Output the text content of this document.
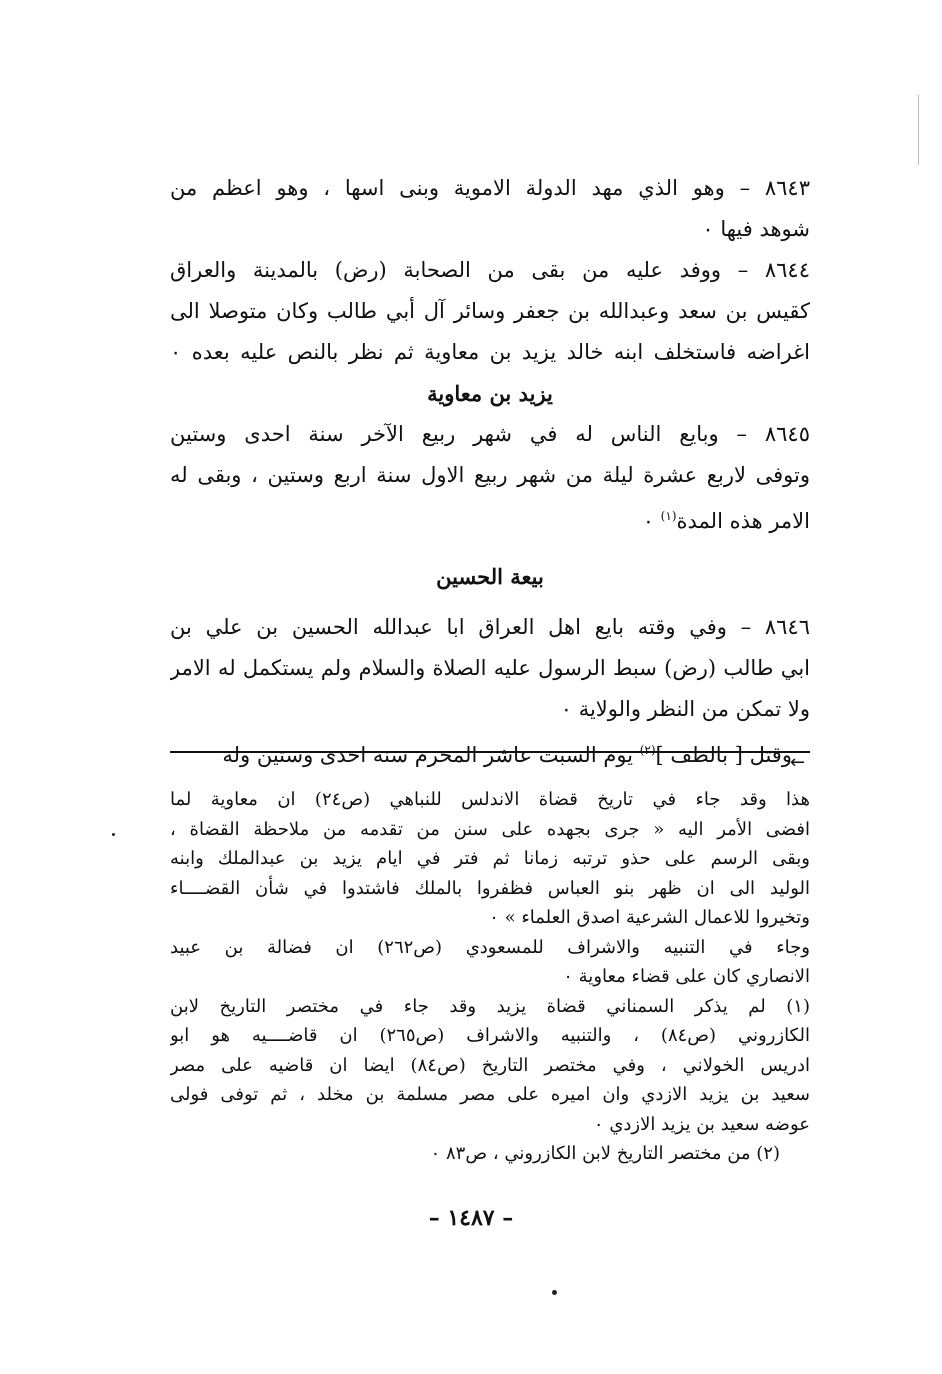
٨٦٤٣ – وهو الذي مهد الدولة الاموية وبنى اسها ، وهو اعظم من
شوهد فيها ٠
٨٦٤٤ – ووفد عليه من بقى من الصحابة (رض) بالمدينة والعراق
كقيس بن سعد وعبدالله بن جعفر وسائر آل أبي طالب وكان متوصلا الى
اغراضه فاستخلف ابنه خالد يزيد بن معاوية ثم نظر بالنص عليه بعده ٠
يزيد بن معاوية
٨٦٤٥ – وبايع الناس له في شهر ربيع الآخر سنة احدى وستين
وتوفى لاربع عشرة ليلة من شهر ربيع الاول سنة اربع وستين ، وبقى له
الامر هذه المدة$^{(١)}$ ٠
بيعة الحسين
٨٦٤٦ – وفي وقته بايع اهل العراق ابا عبدالله الحسين بن علي بن
ابي طالب (رض) سبط الرسول عليه الصلاة والسلام ولم يستكمل له الامر
ولا تمكن من النظر والولاية ٠
وقتل [ بالطف ]$^{(٢)}$ يوم السبت عاشر المحرم سنة احدى وستين وله	←
هذا وقد جاء في تاريخ قضاة الاندلس للنباهي (ص٢٤) ان معاوية لما
افضى الأمر اليه « جرى بجهده على سنن من تقدمه من ملاحظة القضاة ،
وبقى الرسم على حذو ترتبه زمانا ثم فتر في ايام يزيد بن عبدالملك وابنه
الوليد الى ان ظهر بنو العباس فظفروا بالملك فاشتدوا في شأن القضــــاء
وتخيروا للاعمال الشرعية اصدق العلماء » ٠
وجاء في التنبيه والاشراف للمسعودي (ص٢٦٢) ان فضالة بن عبيد
الانصاري كان على قضاء معاوية ٠
(١) لم يذكر السمناني قضاة يزيد وقد جاء في مختصر التاريخ لابن
الكازروني (ص٨٤) ، والتنبيه والاشراف (ص٢٦٥) ان قاضــــيه هو ابو
ادريس الخولاني ، وفي مختصر التاريخ (ص٨٤) ايضا ان قاضيه على مصر
سعيد بن يزيد الازدي وان اميره على مصر مسلمة بن مخلد ، ثم توفى فولى
عوضه سعيد بن يزيد الازدي ٠
(٢) من مختصر التاريخ لابن الكازروني ، ص٨٣ ٠
– ١٤٨٧ –
